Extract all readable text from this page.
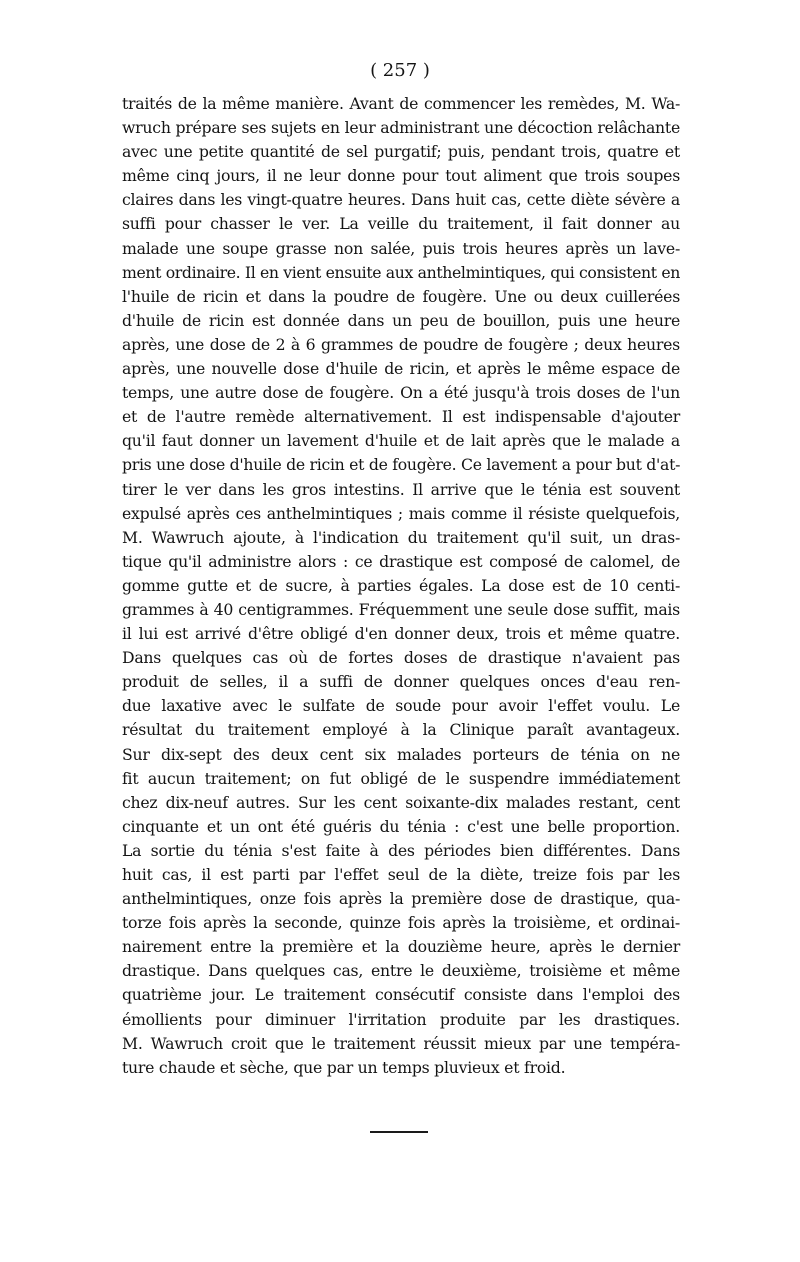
( 257 )
traités de la même manière. Avant de commencer les remèdes, M. Wa-
wruch prépare ses sujets en leur administrant une décoction relâchante
avec une petite quantité de sel purgatif; puis, pendant trois, quatre et
même cinq jours, il ne leur donne pour tout aliment que trois soupes
claires dans les vingt-quatre heures. Dans huit cas, cette diète sévère a
suffi pour chasser le ver. La veille du traitement, il fait donner au
malade une soupe grasse non salée, puis trois heures après un lave-
ment ordinaire. Il en vient ensuite aux anthelmintiques, qui consistent en
l'huile de ricin et dans la poudre de fougère. Une ou deux cuillerées
d'huile de ricin est donnée dans un peu de bouillon, puis une heure
après, une dose de 2 à 6 grammes de poudre de fougère ; deux heures
après, une nouvelle dose d'huile de ricin, et après le même espace de
temps, une autre dose de fougère. On a été jusqu'à trois doses de l'un
et de l'autre remède alternativement. Il est indispensable d'ajouter
qu'il faut donner un lavement d'huile et de lait après que le malade a
pris une dose d'huile de ricin et de fougère. Ce lavement a pour but d'at-
tirer le ver dans les gros intestins. Il arrive que le ténia est souvent
expulsé après ces anthelmintiques ; mais comme il résiste quelquefois,
M. Wawruch ajoute, à l'indication du traitement qu'il suit, un dras-
tique qu'il administre alors : ce drastique est composé de calomel, de
gomme gutte et de sucre, à parties égales. La dose est de 10 centi-
grammes à 40 centigrammes. Fréquemment une seule dose suffit, mais
il lui est arrivé d'être obligé d'en donner deux, trois et même quatre.
Dans quelques cas où de fortes doses de drastique n'avaient pas
produit de selles, il a suffi de donner quelques onces d'eau ren-
due laxative avec le sulfate de soude pour avoir l'effet voulu. Le
résultat du traitement employé à la Clinique paraît avantageux.
Sur dix-sept des deux cent six malades porteurs de ténia on ne
fit aucun traitement; on fut obligé de le suspendre immédiatement
chez dix-neuf autres. Sur les cent soixante-dix malades restant, cent
cinquante et un ont été guéris du ténia : c'est une belle proportion.
La sortie du ténia s'est faite à des périodes bien différentes. Dans
huit cas, il est parti par l'effet seul de la diète, treize fois par les
anthelmintiques, onze fois après la première dose de drastique, qua-
torze fois après la seconde, quinze fois après la troisième, et ordinai-
nairement entre la première et la douzième heure, après le dernier
drastique. Dans quelques cas, entre le deuxième, troisième et même
quatrième jour. Le traitement consécutif consiste dans l'emploi des
émollients pour diminuer l'irritation produite par les drastiques.
M. Wawruch croit que le traitement réussit mieux par une tempéra-
ture chaude et sèche, que par un temps pluvieux et froid.
